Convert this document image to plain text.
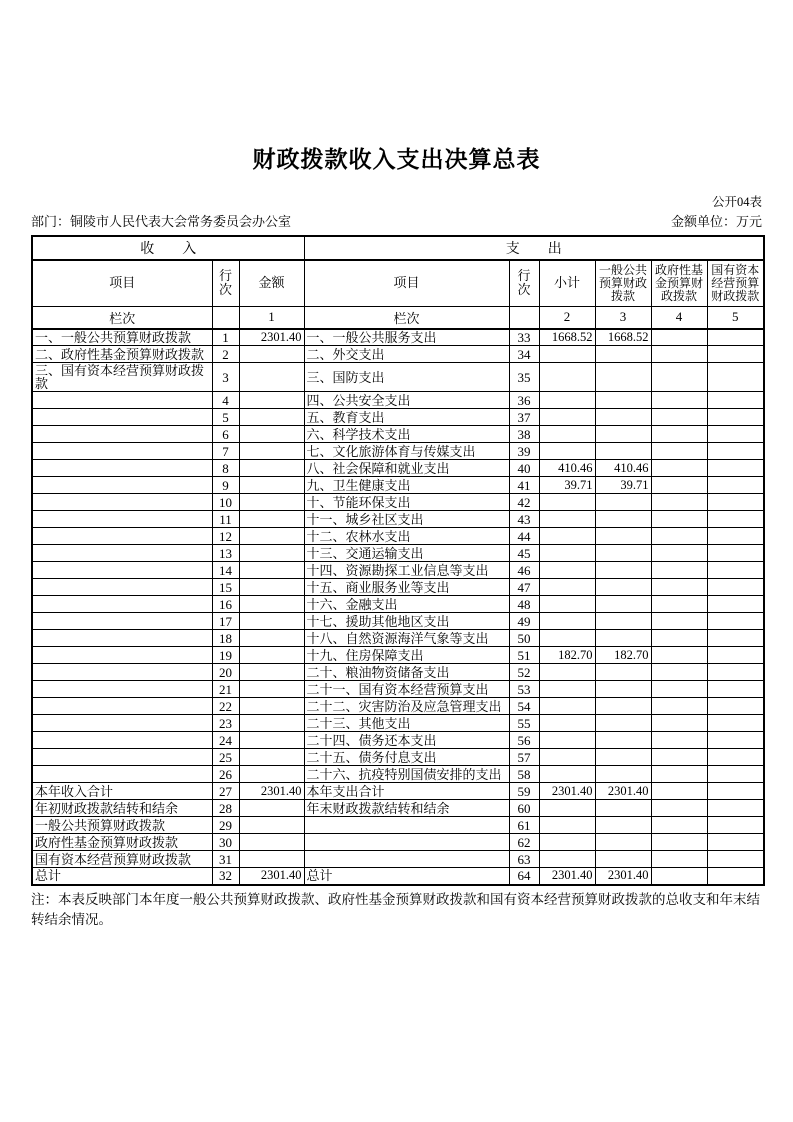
财政拨款收入支出决算总表
公开04表
部门：铜陵市人民代表大会常务委员会办公室	金额单位：万元
收　　入			支　　出					
项目	行次	金额	项目	行次	小计	一般公共预算财政拨款	政府性基金预算财政拨款	国有资本经营预算财政拨款
栏次		1	栏次		2	3	4	5
一、一般公共预算财政拨款	1	2301.40	一、一般公共服务支出	33	1668.52	1668.52		
二、政府性基金预算财政拨款	2		二、外交支出	34				
三、国有资本经营预算财政拨款	3		三、国防支出	35				
	4		四、公共安全支出	36				
	5		五、教育支出	37				
	6		六、科学技术支出	38				
	7		七、文化旅游体育与传媒支出	39				
	8		八、社会保障和就业支出	40	410.46	410.46		
	9		九、卫生健康支出	41	39.71	39.71		
	10		十、节能环保支出	42				
	11		十一、城乡社区支出	43				
	12		十二、农林水支出	44				
	13		十三、交通运输支出	45				
	14		十四、资源勘探工业信息等支出	46				
	15		十五、商业服务业等支出	47				
	16		十六、金融支出	48				
	17		十七、援助其他地区支出	49				
	18		十八、自然资源海洋气象等支出	50				
	19		十九、住房保障支出	51	182.70	182.70		
	20		二十、粮油物资储备支出	52				
	21		二十一、国有资本经营预算支出	53				
	22		二十二、灾害防治及应急管理支出	54				
	23		二十三、其他支出	55				
	24		二十四、债务还本支出	56				
	25		二十五、债务付息支出	57				
	26		二十六、抗疫特别国债安排的支出	58				
本年收入合计	27	2301.40	本年支出合计	59	2301.40	2301.40		
年初财政拨款结转和结余	28		年末财政拨款结转和结余	60				
一般公共预算财政拨款	29			61				
政府性基金预算财政拨款	30			62				
国有资本经营预算财政拨款	31			63				
总计	32	2301.40	总计	64	2301.40	2301.40		
注：本表反映部门本年度一般公共预算财政拨款、政府性基金预算财政拨款和国有资本经营预算财政拨款的总收支和年末结转结余情况。
